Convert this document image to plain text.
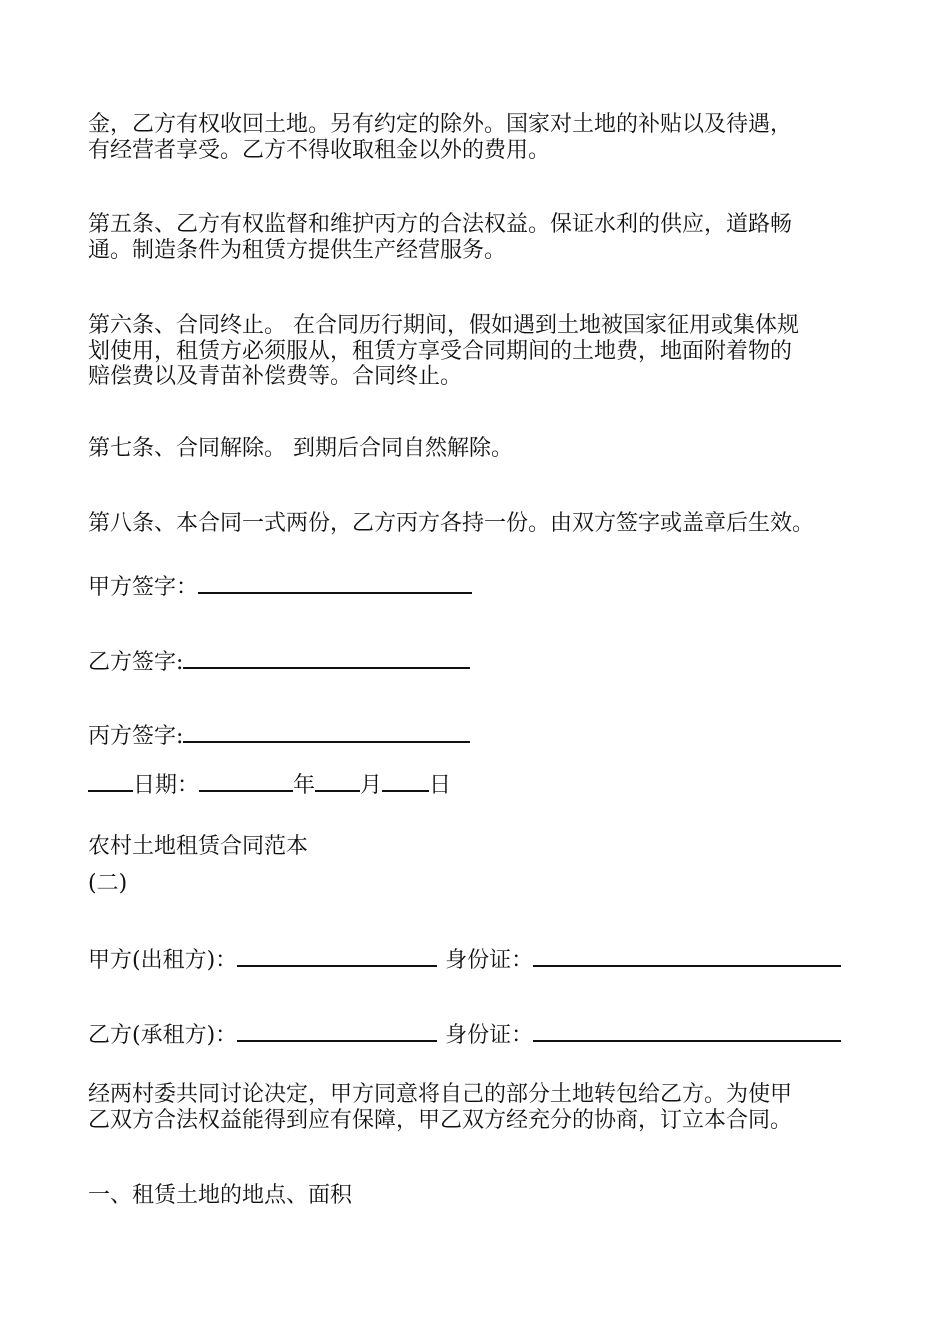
金，乙方有权收回土地。另有约定的除外。国家对土地的补贴以及待遇，
有经营者享受。乙方不得收取租金以外的费用。
第五条、乙方有权监督和维护丙方的合法权益。保证水利的供应，道路畅
通。制造条件为租赁方提供生产经营服务。
第六条、合同终止。 在合同历行期间，假如遇到土地被国家征用或集体规
划使用，租赁方必须服从，租赁方享受合同期间的土地费，地面附着物的
赔偿费以及青苗补偿费等。合同终止。
第七条、合同解除。 到期后合同自然解除。
第八条、本合同一式两份，乙方丙方各持一份。由双方签字或盖章后生效。
甲方签字：
乙方签字:
丙方签字:
日期：	年 月 日
农村土地租赁合同范本
(二)
甲方(出租方)：	身份证：
乙方(承租方)：	身份证：
经两村委共同讨论决定，甲方同意将自己的部分土地转包给乙方。为使甲
乙双方合法权益能得到应有保障，甲乙双方经充分的协商，订立本合同。
一、租赁土地的地点、面积
